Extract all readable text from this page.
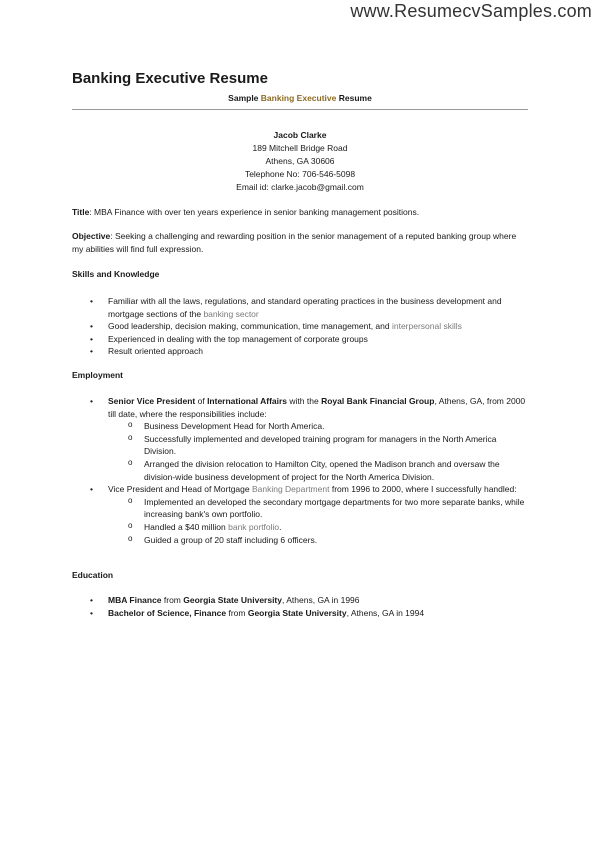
www.ResumecvSamples.com
Banking Executive Resume
Sample Banking Executive Resume
Jacob Clarke
189 Mitchell Bridge Road
Athens, GA 30606
Telephone No: 706-546-5098
Email id: clarke.jacob@gmail.com
Title: MBA Finance with over ten years experience in senior banking management positions.
Objective: Seeking a challenging and rewarding position in the senior management of a reputed banking group where my abilities will find full expression.
Skills and Knowledge
• Familiar with all the laws, regulations, and standard operating practices in the business development and mortgage sections of the banking sector
• Good leadership, decision making, communication, time management, and interpersonal skills
• Experienced in dealing with the top management of corporate groups
• Result oriented approach
Employment
• Senior Vice President of International Affairs with the Royal Bank Financial Group, Athens, GA, from 2000 till date, where the responsibilities include:
o Business Development Head for North America.
o Successfully implemented and developed training program for managers in the North America Division.
o Arranged the division relocation to Hamilton City, opened the Madison branch and oversaw the division-wide business development of project for the North America Division.
• Vice President and Head of Mortgage Banking Department from 1996 to 2000, where I successfully handled:
o Implemented an developed the secondary mortgage departments for two more separate banks, while increasing bank's own portfolio.
o Handled a $40 million bank portfolio.
o Guided a group of 20 staff including 6 officers.
Education
• MBA Finance from Georgia State University, Athens, GA in 1996
• Bachelor of Science, Finance from Georgia State University, Athens, GA in 1994
